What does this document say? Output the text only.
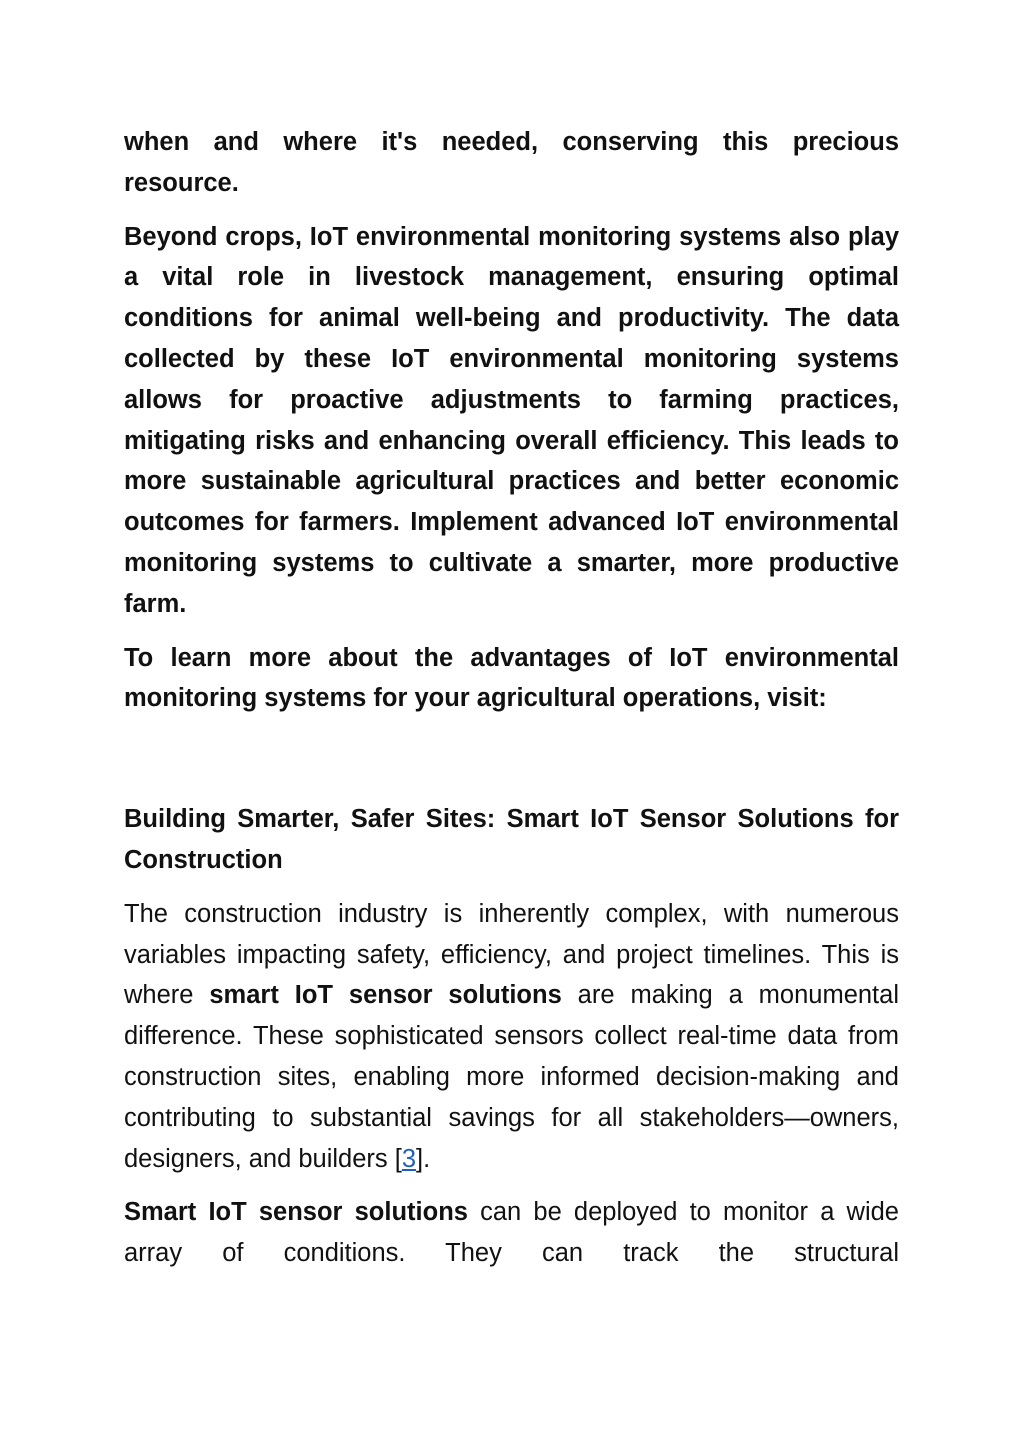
when and where it's needed, conserving this precious resource.

Beyond crops, IoT environmental monitoring systems also play a vital role in livestock management, ensuring optimal conditions for animal well-being and productivity. The data collected by these IoT environmental monitoring systems allows for proactive adjustments to farming practices, mitigating risks and enhancing overall efficiency. This leads to more sustainable agricultural practices and better economic outcomes for farmers. Implement advanced IoT environmental monitoring systems to cultivate a smarter, more productive farm.

To learn more about the advantages of IoT environmental monitoring systems for your agricultural operations, visit:

Building Smarter, Safer Sites: Smart IoT Sensor Solutions for Construction

The construction industry is inherently complex, with numerous variables impacting safety, efficiency, and project timelines. This is where smart IoT sensor solutions are making a monumental difference. These sophisticated sensors collect real-time data from construction sites, enabling more informed decision-making and contributing to substantial savings for all stakeholders—owners, designers, and builders [3].

Smart IoT sensor solutions can be deployed to monitor a wide array of conditions. They can track the structural
